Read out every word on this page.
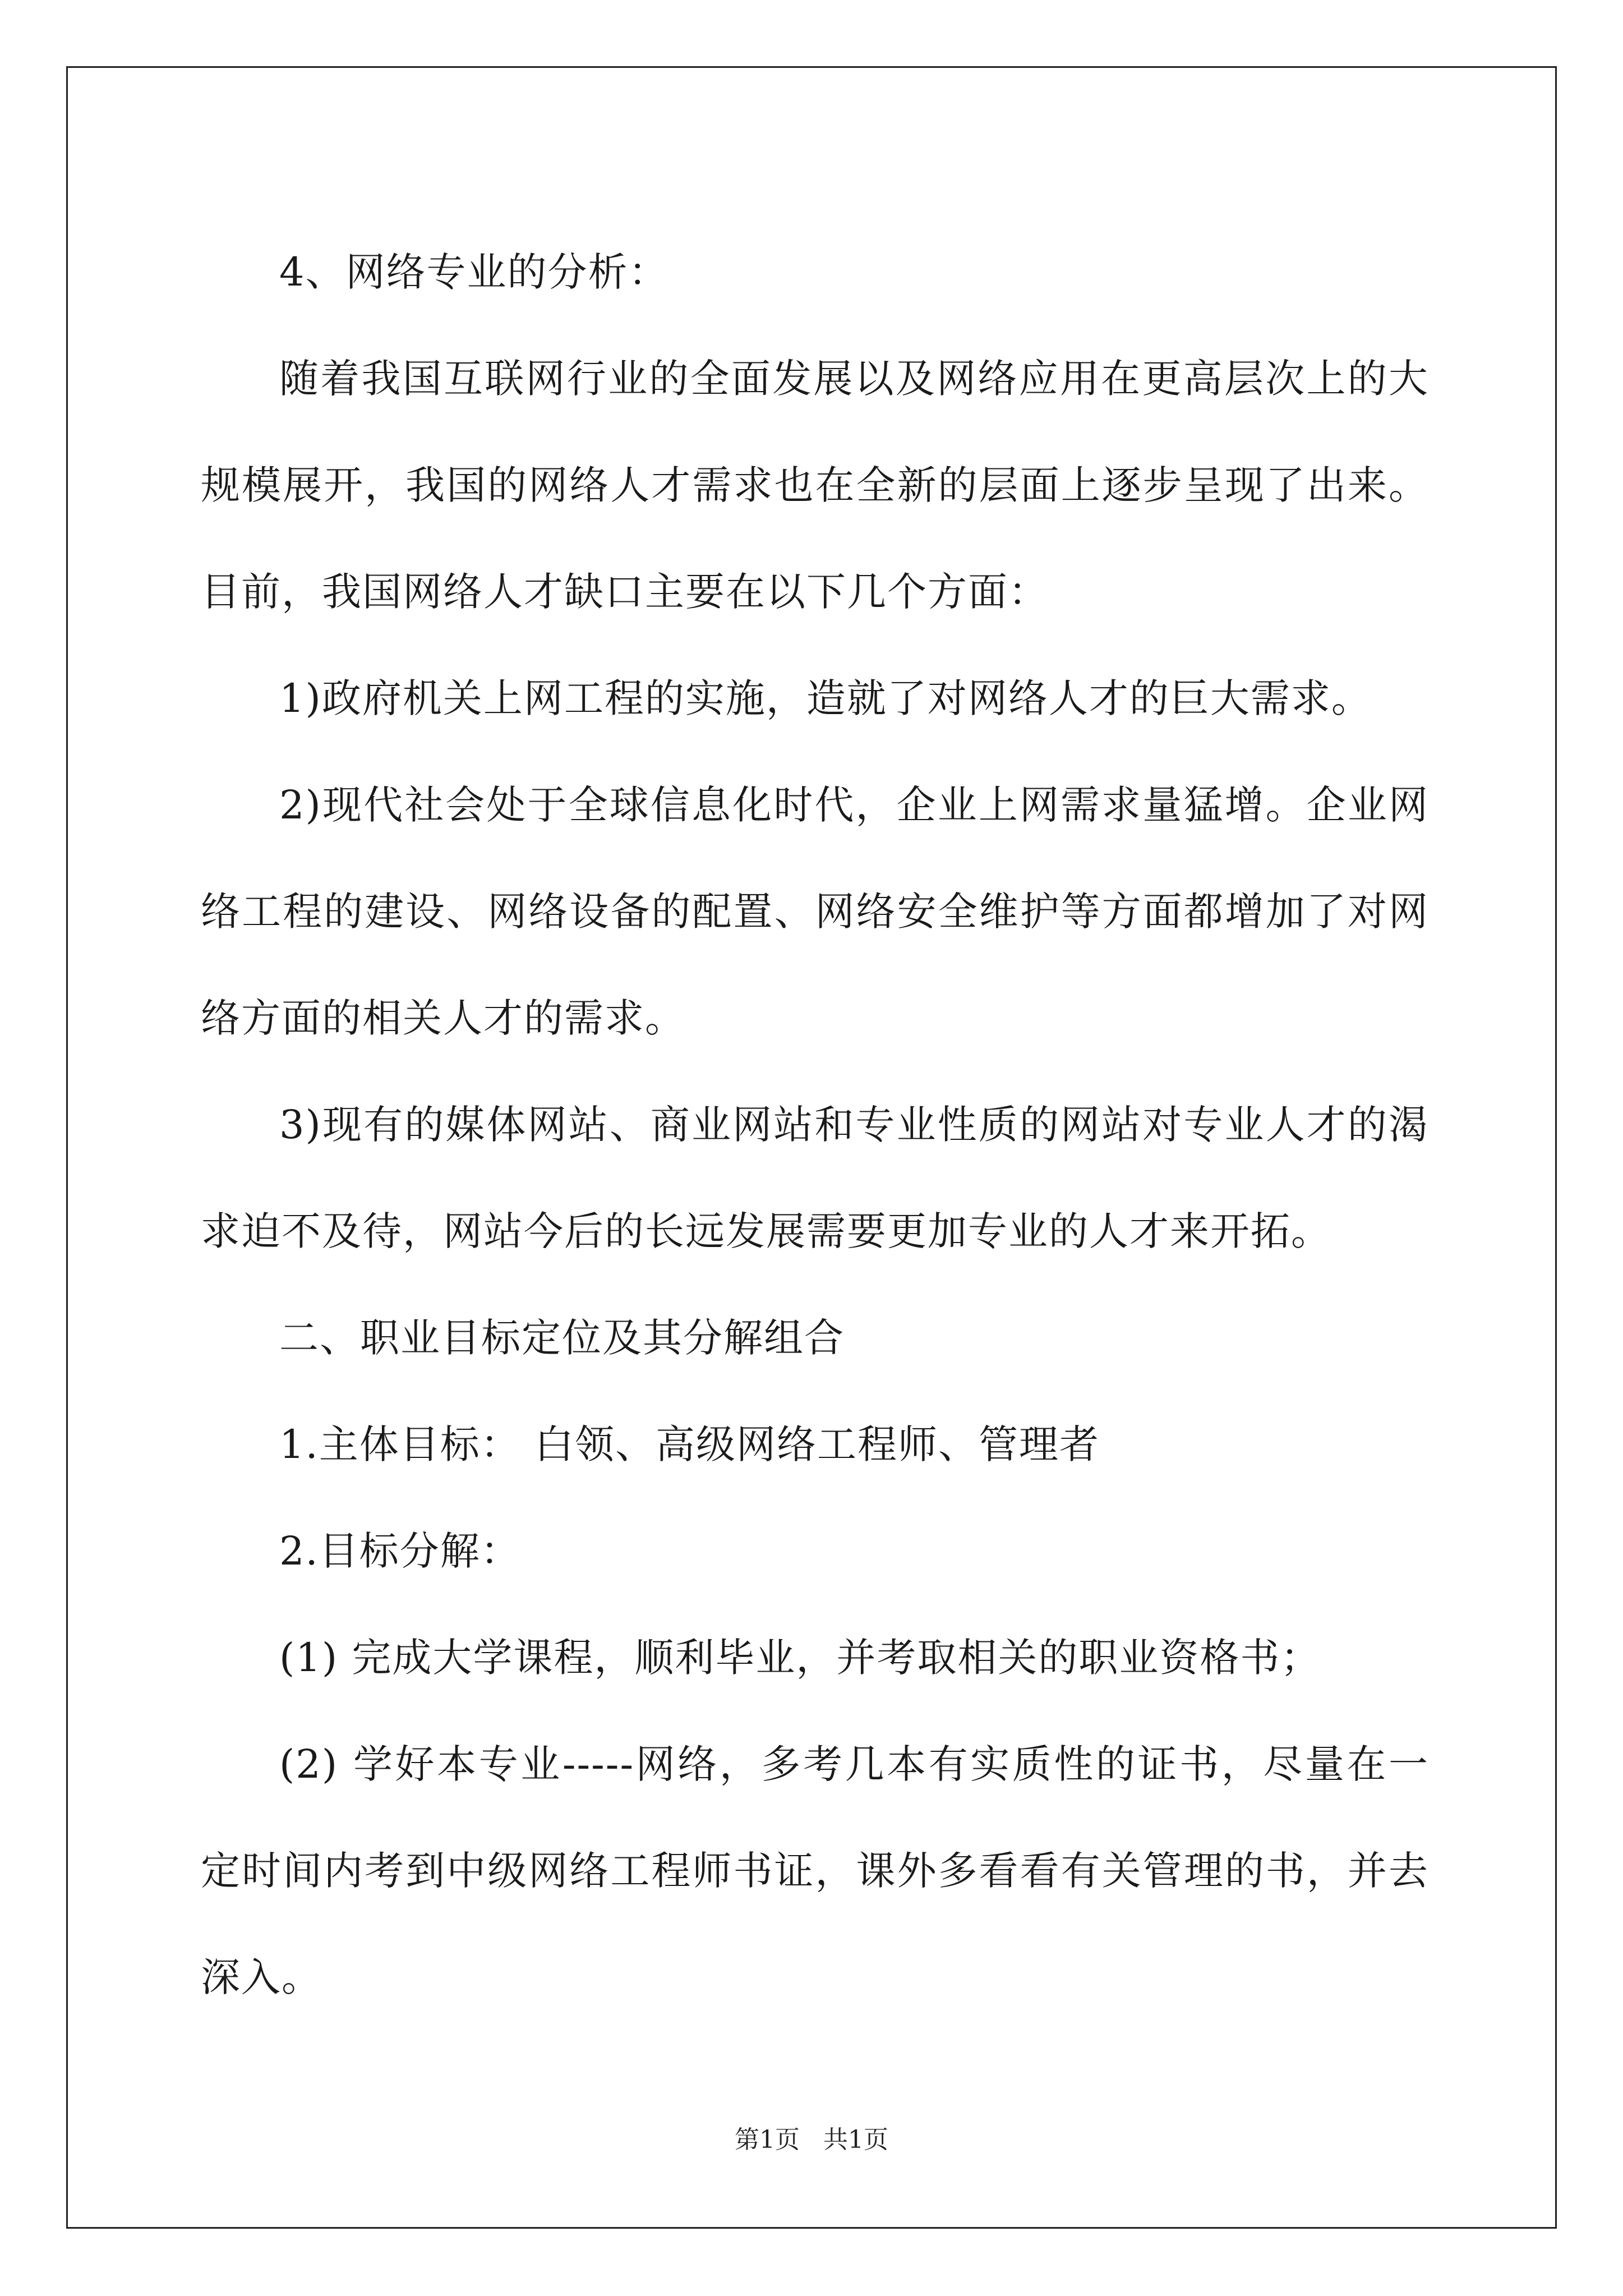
4、网络专业的分析：

随着我国互联网行业的全面发展以及网络应用在更高层次上的大规模展开，我国的网络人才需求也在全新的层面上逐步呈现了出来。目前，我国网络人才缺口主要在以下几个方面：

1)政府机关上网工程的实施，造就了对网络人才的巨大需求。

2)现代社会处于全球信息化时代，企业上网需求量猛增。企业网络工程的建设、网络设备的配置、网络安全维护等方面都增加了对网络方面的相关人才的需求。

3)现有的媒体网站、商业网站和专业性质的网站对专业人才的渴求迫不及待，网站今后的长远发展需要更加专业的人才来开拓。

二、职业目标定位及其分解组合

1.主体目标： 白领、高级网络工程师、管理者

2.目标分解：

(1) 完成大学课程，顺利毕业，并考取相关的职业资格书；

(2) 学好本专业-----网络，多考几本有实质性的证书，尽量在一定时间内考到中级网络工程师书证，课外多看看有关管理的书，并去深入。

第1页 共1页
